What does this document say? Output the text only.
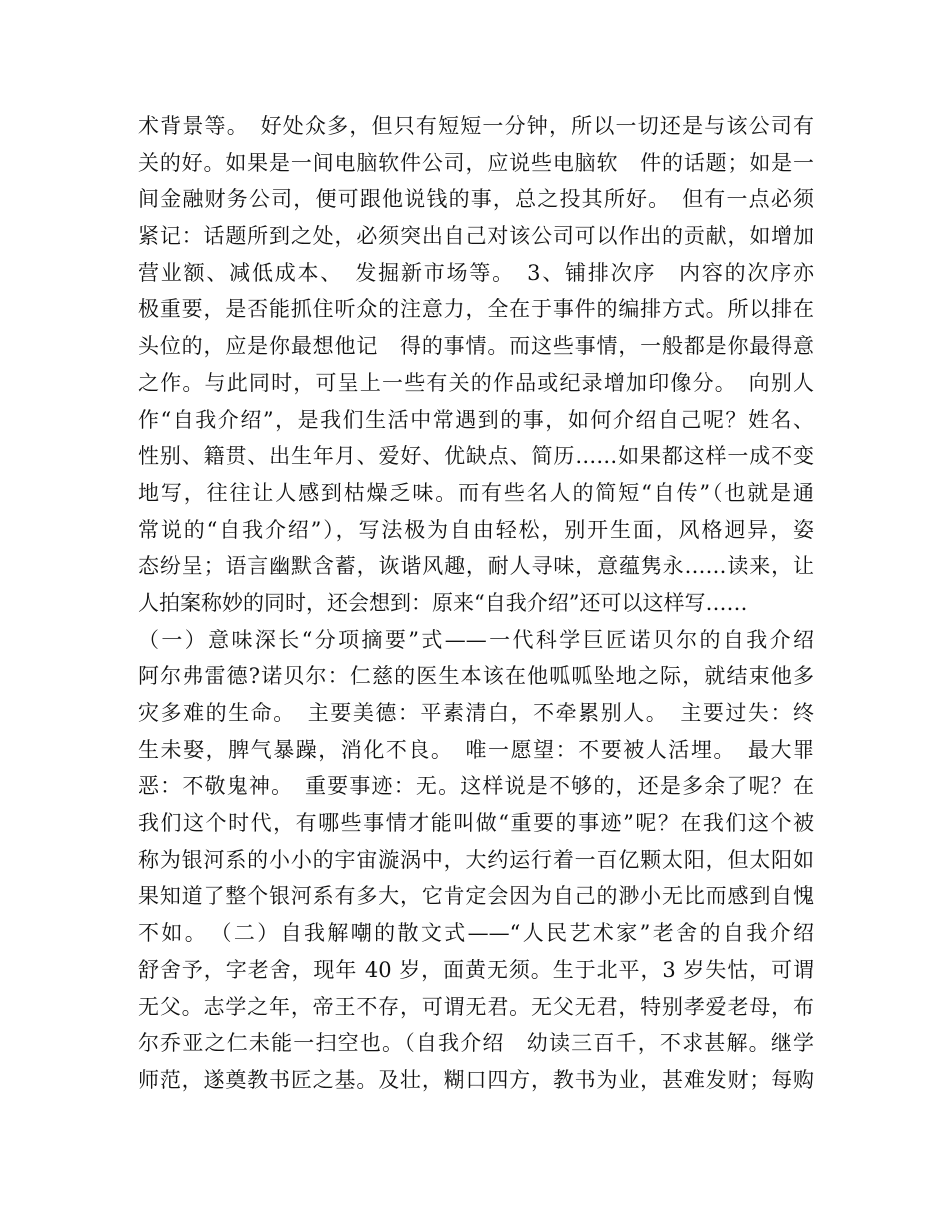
术背景等。　好处众多，但只有短短一分钟，所以一切还是与该公司有
关的好。如果是一间电脑软件公司，应说些电脑软　件的话题；如是一
间金融财务公司，便可跟他说钱的事，总之投其所好。　但有一点必须
紧记：话题所到之处，必须突出自己对该公司可以作出的贡献，如增加
营业额、减低成本、　发掘新市场等。　3、铺排次序　内容的次序亦
极重要，是否能抓住听众的注意力，全在于事件的编排方式。所以排在
头位的，应是你最想他记　得的事情。而这些事情，一般都是你最得意
之作。与此同时，可呈上一些有关的作品或纪录增加印像分。　向别人
作“自我介绍”，是我们生活中常遇到的事，如何介绍自己呢？姓名、
性别、籍贯、出生年月、爱好、优缺点、简历……如果都这样一成不变
地写，往往让人感到枯燥乏味。而有些名人的简短“自传”（也就是通
常说的“自我介绍”），写法极为自由轻松，别开生面，风格迥异，姿
态纷呈；语言幽默含蓄，诙谐风趣，耐人寻味，意蕴隽永……读来，让
人拍案称妙的同时，还会想到：原来“自我介绍”还可以这样写……
（一）意味深长“分项摘要”式——一代科学巨匠诺贝尔的自我介绍
阿尔弗雷德?诺贝尔：仁慈的医生本该在他呱呱坠地之际，就结束他多
灾多难的生命。　主要美德：平素清白，不牵累别人。　主要过失：终
生未娶，脾气暴躁，消化不良。　唯一愿望：不要被人活埋。　最大罪
恶：不敬鬼神。　重要事迹：无。这样说是不够的，还是多余了呢？在
我们这个时代，有哪些事情才能叫做“重要的事迹”呢？在我们这个被
称为银河系的小小的宇宙漩涡中，大约运行着一百亿颗太阳，但太阳如
果知道了整个银河系有多大，它肯定会因为自己的渺小无比而感到自愧
不如。　（二）自我解嘲的散文式——“人民艺术家”老舍的自我介绍
舒舍予，字老舍，现年 40 岁，面黄无须。生于北平，3 岁失怙，可谓
无父。志学之年，帝王不存，可谓无君。无父无君，特别孝爱老母，布
尔乔亚之仁未能一扫空也。（自我介绍　幼读三百千，不求甚解。继学
师范，遂奠教书匠之基。及壮，糊口四方，教书为业，甚难发财；每购
